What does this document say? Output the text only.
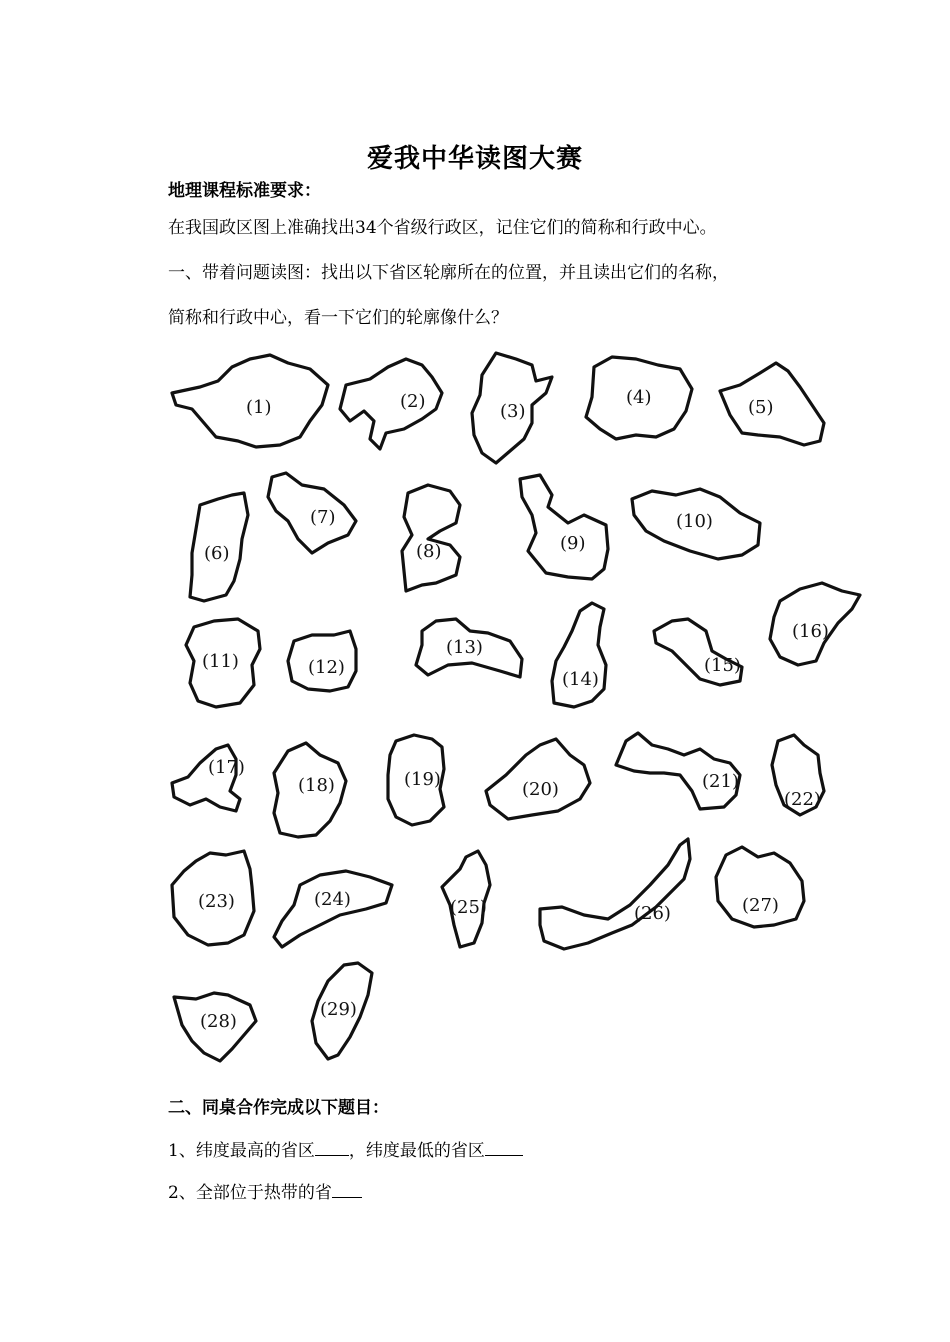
爱我中华读图大赛
地理课程标准要求：
在我国政区图上准确找出34个省级行政区，记住它们的简称和行政中心。
一、带着问题读图：找出以下省区轮廓所在的位置，并且读出它们的名称，
简称和行政中心，看一下它们的轮廓像什么？
(1)	(2)	(3)
(4)	(5)
(6)
(7)
(8)	(9)
(10)
(11)	(12)
(13)
(14)
(15)
(16)
(17)
(18)	(19)	(20)	(21)
(22)
(23)	(24)	(25)	(26)	(27)
(28)
(29)
二、同桌合作完成以下题目：
1、纬度最高的省区 ，纬度最低的省区
2、全部位于热带的省
